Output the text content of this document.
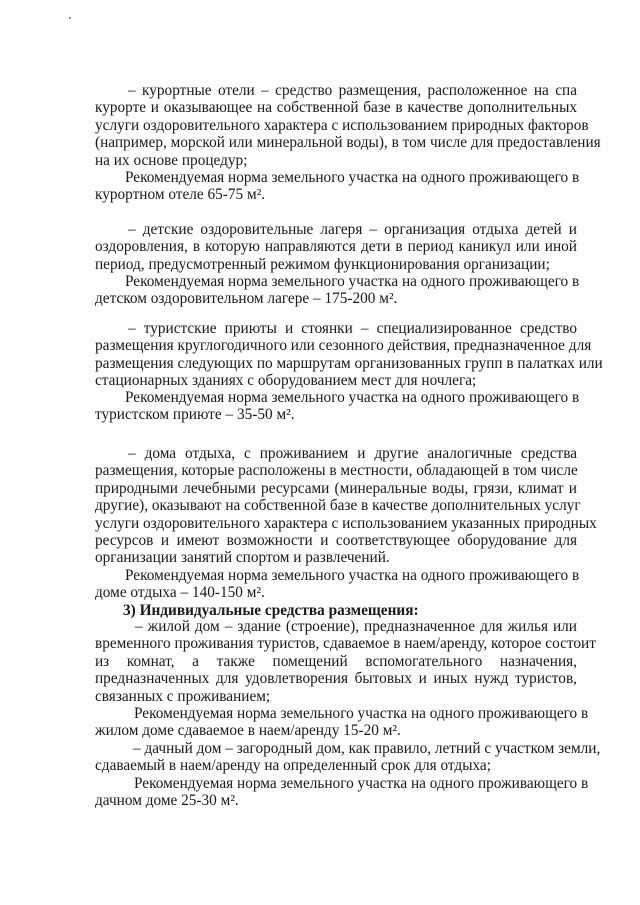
– курортные отели – средство размещения, расположенное на спа
курорте и оказывающее на собственной базе в качестве дополнительных
услуги оздоровительного характера с использованием природных факторов
(например, морской или минеральной воды), в том числе для предоставления
на их основе процедур;
Рекомендуемая норма земельного участка на одного проживающего в
курортном отеле 65-75 м².
– детские оздоровительные лагеря – организация отдыха детей и
оздоровления, в которую направляются дети в период каникул или иной
период, предусмотренный режимом функционирования организации;
Рекомендуемая норма земельного участка на одного проживающего в
детском оздоровительном лагере – 175-200 м².
– туристские приюты и стоянки – специализированное средство
размещения круглогодичного или сезонного действия, предназначенное для
размещения следующих по маршрутам организованных групп в палатках или
стационарных зданиях с оборудованием мест для ночлега;
Рекомендуемая норма земельного участка на одного проживающего в
туристском приюте – 35-50 м².
– дома отдыха, с проживанием и другие аналогичные средства
размещения, которые расположены в местности, обладающей в том числе
природными лечебными ресурсами (минеральные воды, грязи, климат и
другие), оказывают на собственной базе в качестве дополнительных услуг
услуги оздоровительного характера с использованием указанных природных
ресурсов и имеют возможности и соответствующее оборудование для
организации занятий спортом и развлечений.
Рекомендуемая норма земельного участка на одного проживающего в
доме отдыха – 140-150 м².
3) Индивидуальные средства размещения:
– жилой дом – здание (строение), предназначенное для жилья или
временного проживания туристов, сдаваемое в наем/аренду, которое состоит
из комнат, а также помещений вспомогательного назначения,
предназначенных для удовлетворения бытовых и иных нужд туристов,
связанных с проживанием;
Рекомендуемая норма земельного участка на одного проживающего в
жилом доме сдаваемое в наем/аренду 15-20 м².
– дачный дом – загородный дом, как правило, летний с участком земли,
сдаваемый в наем/аренду на определенный срок для отдыха;
Рекомендуемая норма земельного участка на одного проживающего в
дачном доме 25-30 м².
